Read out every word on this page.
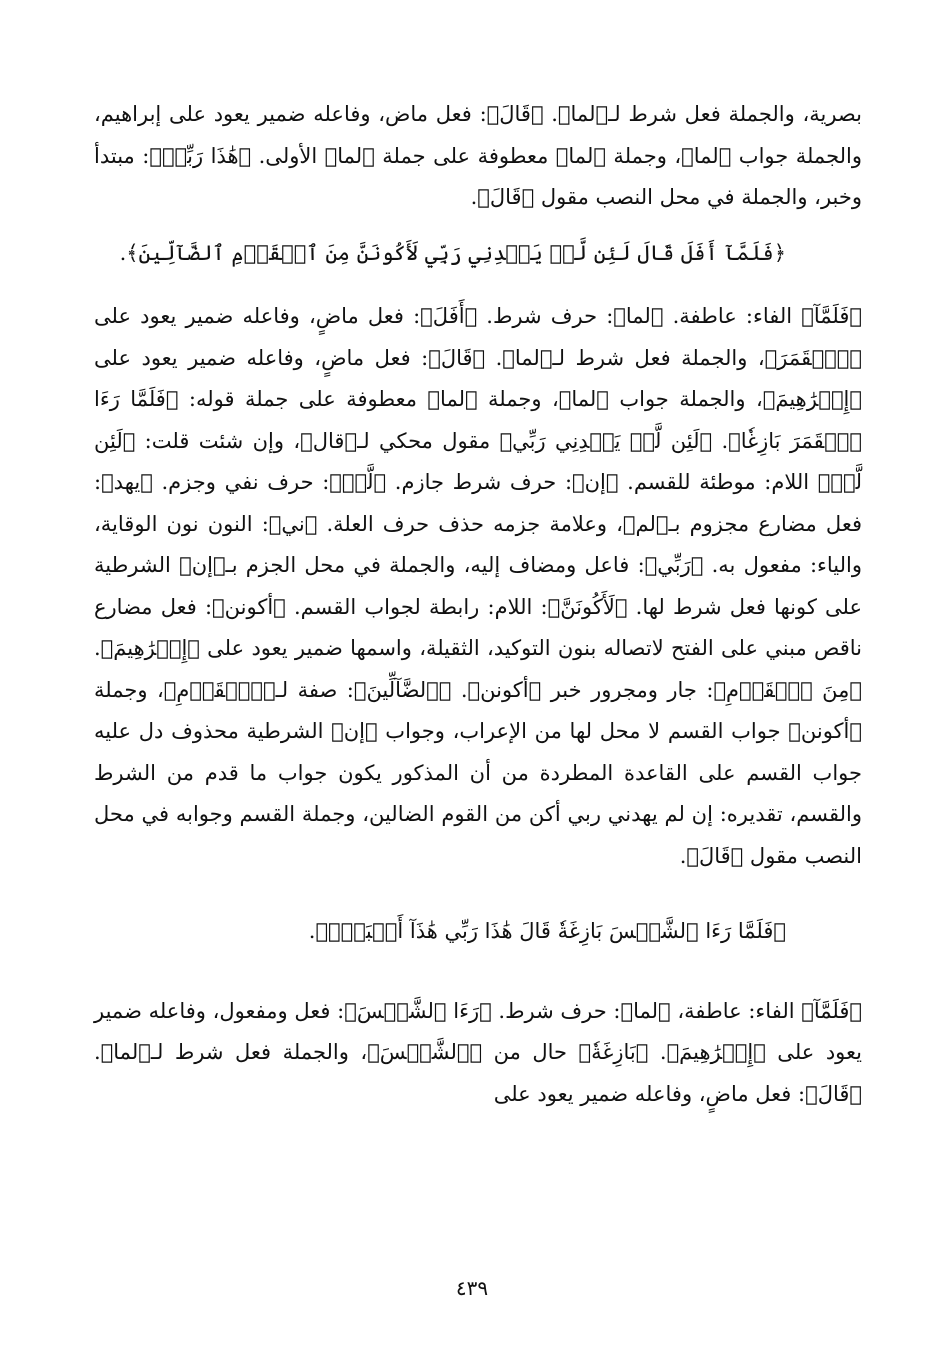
بصرية، والجملة فعل شرط لـ﴿لما﴾. ﴿قَالَ﴾: فعل ماض، وفاعله ضمير يعود على إبراهيم، والجملة جواب ﴿لما﴾، وجملة ﴿لما﴾ معطوفة على جملة ﴿لما﴾ الأولى. ﴿هَٰذَا رَبِّيۖ﴾: مبتدأ وخبر، والجملة في محل النصب مقول ﴿قَالَ﴾.

﴿فَلَمَّآ أَفَلَ قَالَ لَئِن لَّمۡ يَهۡدِنِي رَبِّي لَأَكُونَنَّ مِنَ ٱلۡقَوۡمِ ٱلضَّآلِّينَ﴾.

﴿فَلَمَّآ﴾ الفاء: عاطفة. ﴿لما﴾: حرف شرط. ﴿أَفَلَ﴾: فعل ماضٍ، وفاعله ضمير يعود على ﴿ٱلۡقَمَرَ﴾، والجملة فعل شرط لـ﴿لما﴾. ﴿قَالَ﴾: فعل ماضٍ، وفاعله ضمير يعود على ﴿إِبۡرَٰهِيمَ﴾، والجملة جواب ﴿لما﴾، وجملة ﴿لما﴾ معطوفة على جملة قوله: ﴿فَلَمَّا رَءَا ٱلۡقَمَرَ بَازِغٗا﴾. ﴿لَئِن لَّمۡ يَهۡدِنِي رَبِّي﴾ مقول محكي لـ﴿قال﴾، وإن شئت قلت: ﴿لَئِن لَّمۡ﴾ اللام: موطئة للقسم. ﴿إن﴾: حرف شرط جازم. ﴿لَّمۡ﴾: حرف نفي وجزم. ﴿يهد﴾: فعل مضارع مجزوم بـ﴿لم﴾، وعلامة جزمه حذف حرف العلة. ﴿ني﴾: النون نون الوقاية، والياء: مفعول به. ﴿رَبِّي﴾: فاعل ومضاف إليه، والجملة في محل الجزم بـ﴿إن﴾ الشرطية على كونها فعل شرط لها. ﴿لَأَكُونَنَّ﴾: اللام: رابطة لجواب القسم. ﴿أكونن﴾: فعل مضارع ناقص مبني على الفتح لاتصاله بنون التوكيد، الثقيلة، واسمها ضمير يعود على ﴿إِبۡرَٰهِيمَ﴾. ﴿مِنَ ٱلۡقَوۡمِ﴾: جار ومجرور خبر ﴿أكونن﴾. ﴿ٱلضَّآلِّينَ﴾: صفة لـ﴿ٱلۡقَوۡمِ﴾، وجملة ﴿أكونن﴾ جواب القسم لا محل لها من الإعراب، وجواب ﴿إن﴾ الشرطية محذوف دل عليه جواب القسم على القاعدة المطردة من أن المذكور يكون جواب ما قدم من الشرط والقسم، تقديره: إن لم يهدني ربي أكن من القوم الضالين، وجملة القسم وجوابه في محل النصب مقول ﴿قَالَ﴾.

﴿فَلَمَّا رَءَا ٱلشَّمۡسَ بَازِغَةٗ قَالَ هَٰذَا رَبِّي هَٰذَآ أَكۡبَرُۖ﴾.

﴿فَلَمَّآ﴾ الفاء: عاطفة، ﴿لما﴾: حرف شرط. ﴿رَءَا ٱلشَّمۡسَ﴾: فعل ومفعول، وفاعله ضمير يعود على ﴿إِبۡرَٰهِيمَ﴾. ﴿بَازِغَةٗ﴾ حال من ﴿ٱلشَّمۡسَ﴾، والجملة فعل شرط لـ﴿لما﴾. ﴿قَالَ﴾: فعل ماضٍ، وفاعله ضمير يعود على

٤٣٩
